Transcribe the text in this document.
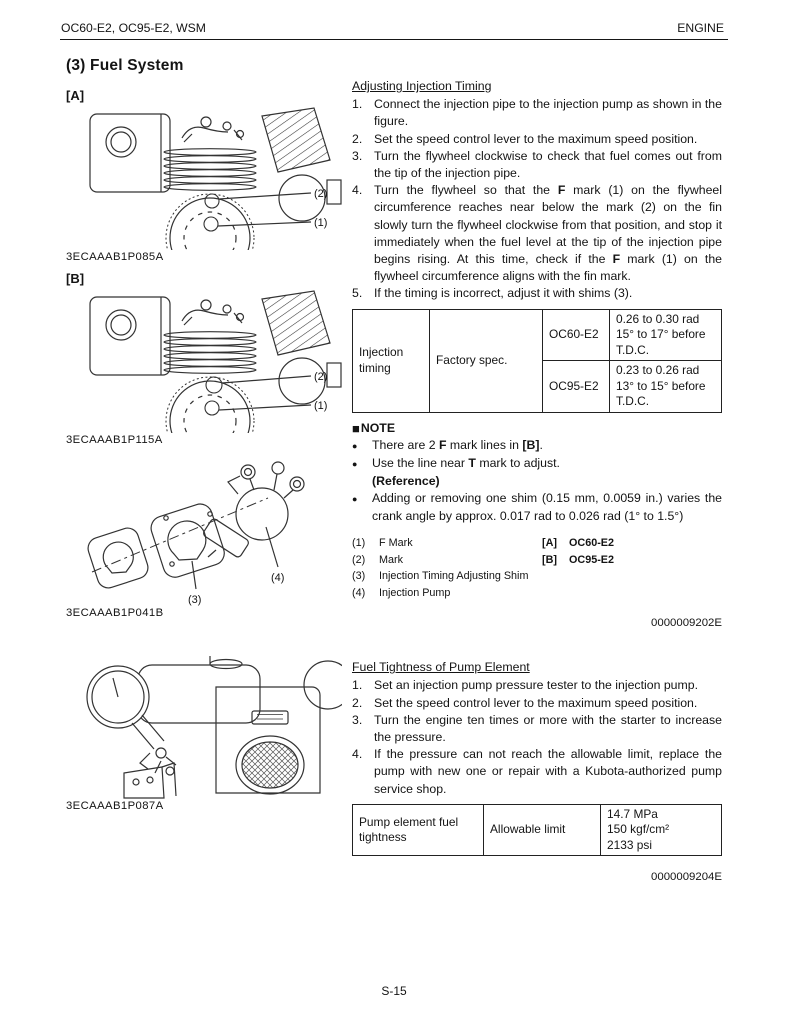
OC60-E2, OC95-E2, WSM	ENGINE
(3) Fuel System
[A]
(2)
(1)
3ECAAAB1P085A
[B]
(2)
(1)
3ECAAAB1P115A
(4)
(3)
3ECAAAB1P041B
3ECAAAB1P087A
Adjusting Injection Timing
1. Connect the injection pipe to the injection pump as shown in the figure.
2. Set the speed control lever to the maximum speed position.
3. Turn the flywheel clockwise to check that fuel comes out from the tip of the injection pipe.
4. Turn the flywheel so that the F mark (1) on the flywheel circumference reaches near below the mark (2) on the fin slowly turn the flywheel clockwise from that position, and stop it immediately when the fuel level at the tip of the injection pipe begins rising. At this time, check if the F mark (1) on the flywheel circumference aligns with the fin mark.
5. If the timing is incorrect, adjust it with shims (3).
Injection timing	Factory spec.	OC60-E2	0.26 to 0.30 rad
15° to 17° before T.D.C.

		OC95-E2	0.23 to 0.26 rad
13° to 15° before T.D.C.
■ NOTE
●	There are 2 F mark lines in [B].
●	Use the line near T mark to adjust.
(Reference)
●	Adding or removing one shim (0.15 mm, 0.0059 in.) varies the crank angle by approx. 0.017 rad to 0.026 rad (1° to 1.5°)
(1) F Mark
(2) Mark
(3) Injection Timing Adjusting Shim
(4) Injection Pump
[A] OC60-E2
[B] OC95-E2
0000009202E
Fuel Tightness of Pump Element
1. Set an injection pump pressure tester to the injection pump.
2. Set the speed control lever to the maximum speed position.
3. Turn the engine ten times or more with the starter to increase the pressure.
4. If the pressure can not reach the allowable limit, replace the pump with new one or repair with a Kubota-authorized pump service shop.
Pump element fuel tightness	Allowable limit	
14.7 MPa
150 kgf/cm²
2133 psi
0000009204E
S-15
